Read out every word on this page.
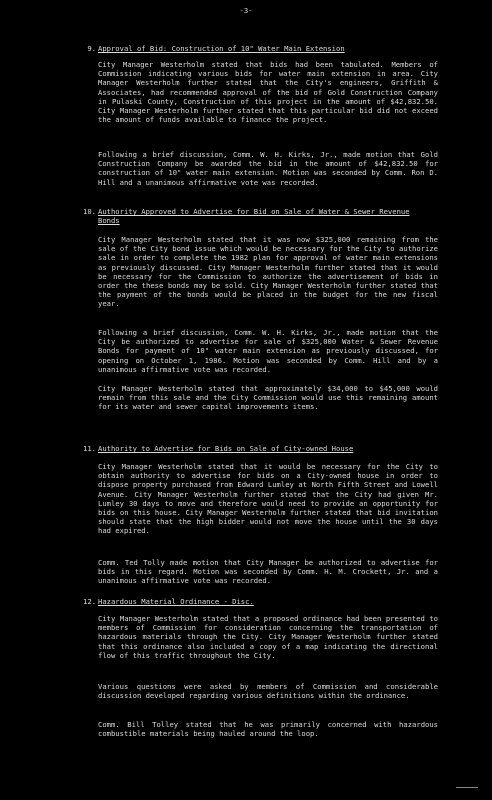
-3-
9. Approval of Bid: Construction of 10" Water Main Extension
City Manager Westerholm stated that bids had been tabulated. Members of Commission indicating various bids for water main extension in area. City Manager Westerholm further stated that the City's engineers, Griffith & Associates, had recommended approval of the bid of Gold Construction Company in Pulaski County, Construction of this project in the amount of $42,832.50. City Manager Westerholm further stated that this particular bid did not exceed the amount of funds available to finance the project.
Following a brief discussion, Comm. W. H. Kirks, Jr., made motion that Gold Construction Company be awarded the bid in the amount of $42,832.50 for construction of 10" water main extension. Motion was seconded by Comm. Ron D. Hill and a unanimous affirmative vote was recorded.
10. Authority Approved to Advertise for Bid on Sale of Water & Sewer Revenue Bonds
City Manager Westerholm stated that it was now $325,000 remaining from the sale of the City bond issue which would be necessary for the City to authorize sale in order to complete the 1982 plan for approval of water main extensions as previously discussed. City Manager Westerholm further stated that it would be necessary for the Commission to authorize the advertisement of bids in order the these bonds may be sold. City Manager Westerholm further stated that the payment of the bonds would be placed in the budget for the new fiscal year.
Following a brief discussion, Comm. W. H. Kirks, Jr., made motion that the City be authorized to advertise for sale of $325,000 Water & Sewer Revenue Bonds for payment of 10" water main extension as previously discussed, for opening on October 1, 1986. Motion was seconded by Comm. Hill and by a unanimous affirmative vote was recorded.
City Manager Westerholm stated that approximately $34,000 to $45,000 would remain from this sale and the City Commission would use this remaining amount for its water and sewer capital improvements items.
11. Authority to Advertise for Bids on Sale of City-owned House
City Manager Westerholm stated that it would be necessary for the City to obtain authority to advertise for bids on a City-owned house in order to dispose property purchased from Edward Lumley at North Fifth Street and Lowell Avenue. City Manager Westerholm further stated that the City had given Mr. Lumley 30 days to move and therefore would need to provide an opportunity for bids on this house. City Manager Westerholm further stated that bid invitation should state that the high bidder would not move the house until the 30 days had expired.
Comm. Ted Tolly made motion that City Manager be authorized to advertise for bids in this regard. Motion was seconded by Comm. H. M. Crockett, Jr. and a unanimous affirmative vote was recorded.
12. Hazardous Material Ordinance - Disc.
City Manager Westerholm stated that a proposed ordinance had been presented to members of Commission for consideration concerning the transportation of hazardous materials through the City. City Manager Westerholm further stated that this ordinance also included a copy of a map indicating the directional flow of this traffic throughout the City.
Various questions were asked by members of Commission and considerable discussion developed regarding various definitions within the ordinance.
Comm. Bill Tolley stated that he was primarily concerned with hazardous combustible materials being hauled around the loop.
